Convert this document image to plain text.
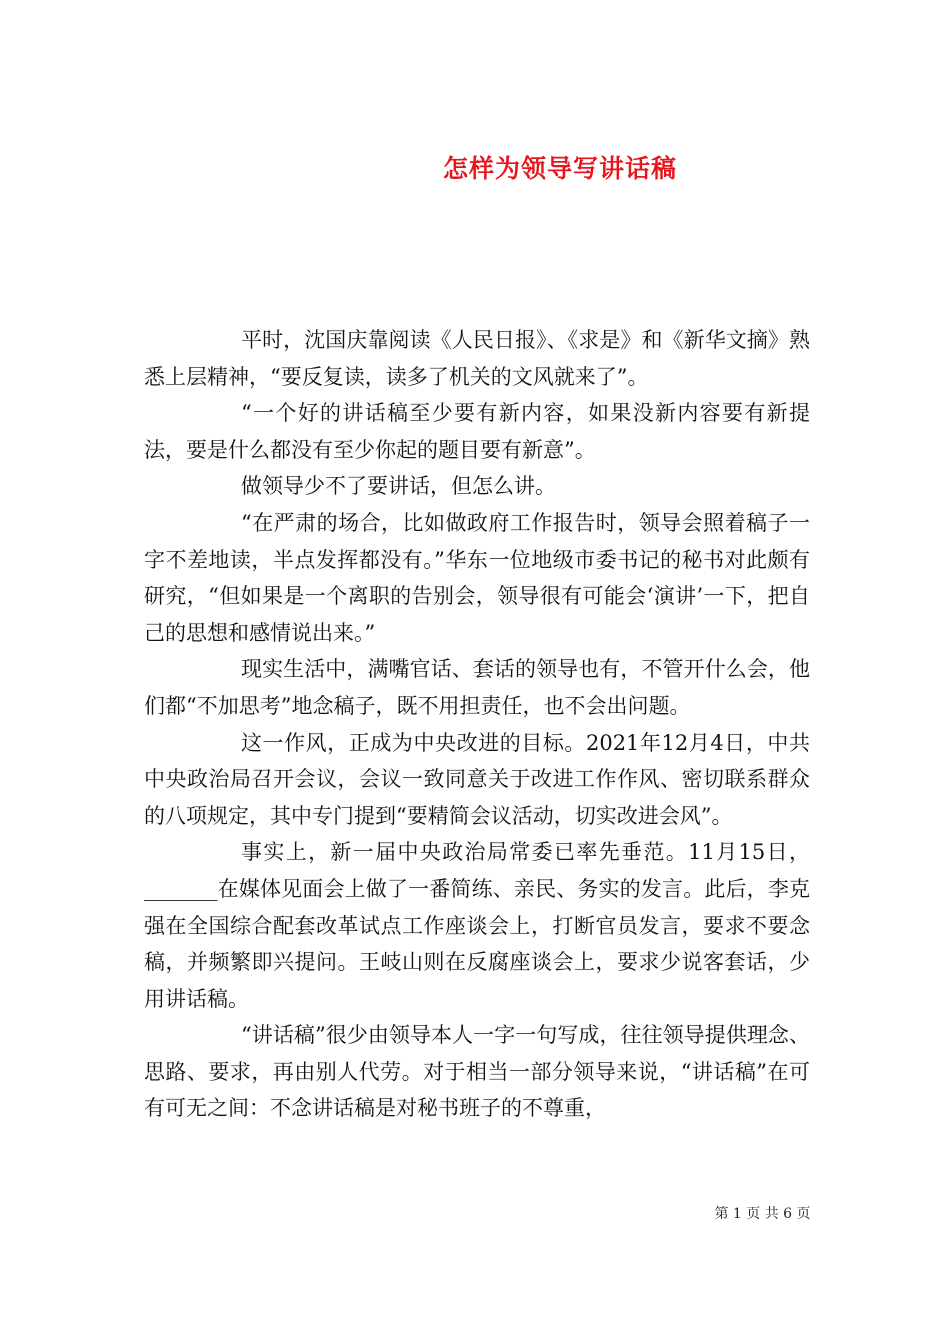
怎样为领导写讲话稿

平时，沈国庆靠阅读《人民日报》、《求是》和《新华文摘》熟悉上层精神，“要反复读，读多了机关的文风就来了”。

“一个好的讲话稿至少要有新内容，如果没新内容要有新提法，要是什么都没有至少你起的题目要有新意”。

做领导少不了要讲话，但怎么讲。

“在严肃的场合，比如做政府工作报告时，领导会照着稿子一字不差地读，半点发挥都没有。”华东一位地级市委书记的秘书对此颇有研究，“但如果是一个离职的告别会，领导很有可能会‘演讲’一下，把自己的思想和感情说出来。”

现实生活中，满嘴官话、套话的领导也有，不管开什么会，他们都“不加思考”地念稿子，既不用担责任，也不会出问题。

这一作风，正成为中央改进的目标。2021年12月4日，中共中央政治局召开会议，会议一致同意关于改进工作作风、密切联系群众的八项规定，其中专门提到“要精简会议活动，切实改进会风”。

事实上，新一届中央政治局常委已率先垂范。11月15日，_______在媒体见面会上做了一番简练、亲民、务实的发言。此后，李克强在全国综合配套改革试点工作座谈会上，打断官员发言，要求不要念稿，并频繁即兴提问。王岐山则在反腐座谈会上，要求少说客套话，少用讲话稿。

“讲话稿”很少由领导本人一字一句写成，往往领导提供理念、思路、要求，再由别人代劳。对于相当一部分领导来说，“讲话稿”在可有可无之间：不念讲话稿是对秘书班子的不尊重，

第 1 页 共 6 页
